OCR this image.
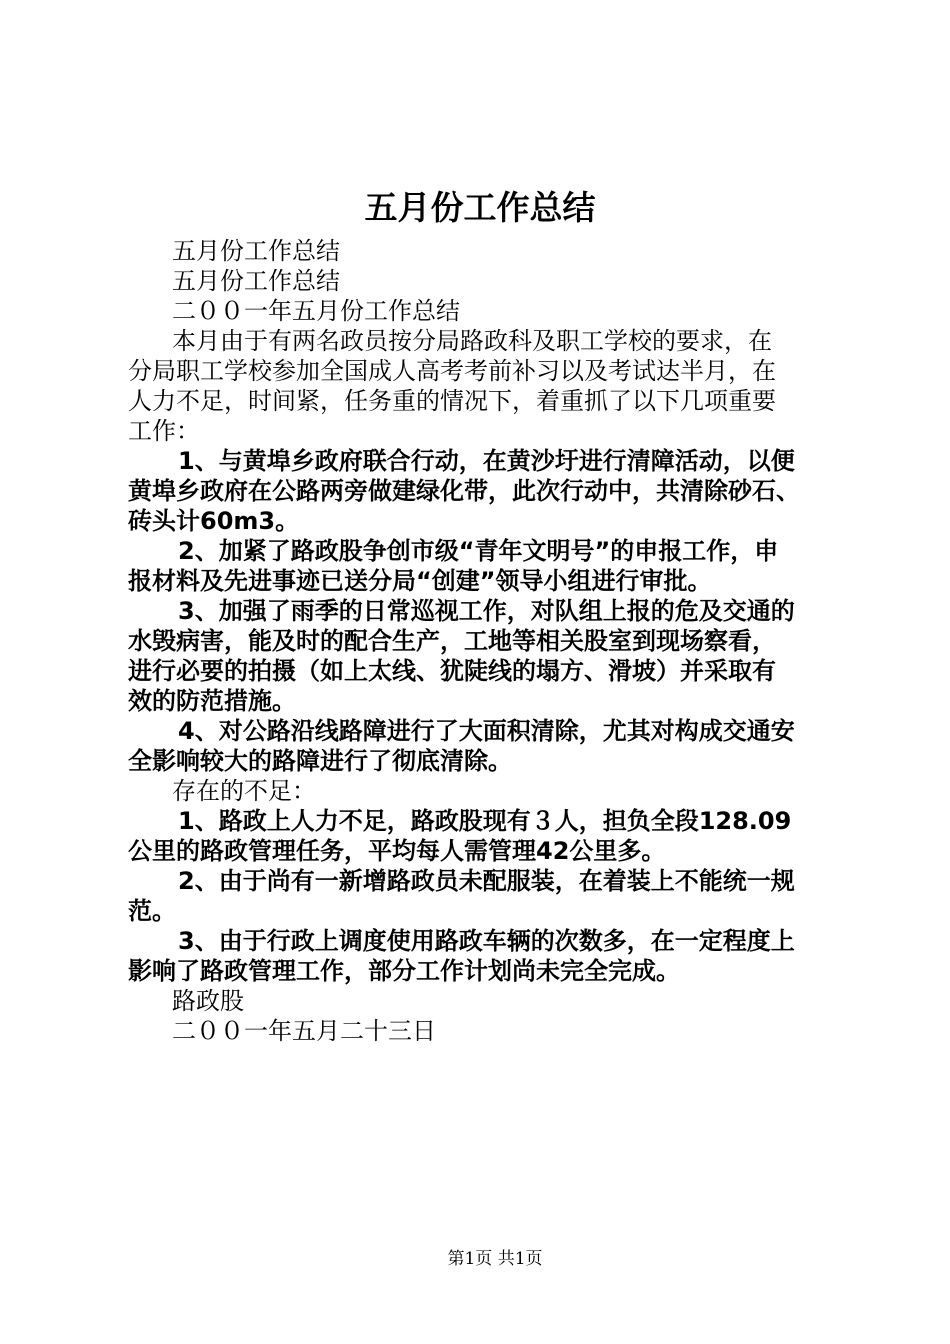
五月份工作总结

五月份工作总结

五月份工作总结

二００一年五月份工作总结

本月由于有两名政员按分局路政科及职工学校的要求，在

分局职工学校参加全国成人高考考前补习以及考试达半月，在

人力不足，时间紧，任务重的情况下，着重抓了以下几项重要

工作：

1、与黄埠乡政府联合行动，在黄沙圩进行清障活动，以便

黄埠乡政府在公路两旁做建绿化带，此次行动中，共清除砂石、

砖头计60m3。

2、加紧了路政股争创市级“青年文明号”的申报工作，申

报材料及先进事迹已送分局“创建”领导小组进行审批。

3、加强了雨季的日常巡视工作，对队组上报的危及交通的

水毁病害，能及时的配合生产，工地等相关股室到现场察看，

进行必要的拍摄（如上太线、犹陡线的塌方、滑坡）并采取有

效的防范措施。

4、对公路沿线路障进行了大面积清除，尤其对构成交通安

全影响较大的路障进行了彻底清除。

存在的不足：

1、路政上人力不足，路政股现有３人，担负全段128.09

公里的路政管理任务，平均每人需管理42公里多。

2、由于尚有一新增路政员未配服装，在着装上不能统一规

范。

3、由于行政上调度使用路政车辆的次数多，在一定程度上

影响了路政管理工作，部分工作计划尚未完全完成。

路政股

二００一年五月二十三日

第1页 共1页
